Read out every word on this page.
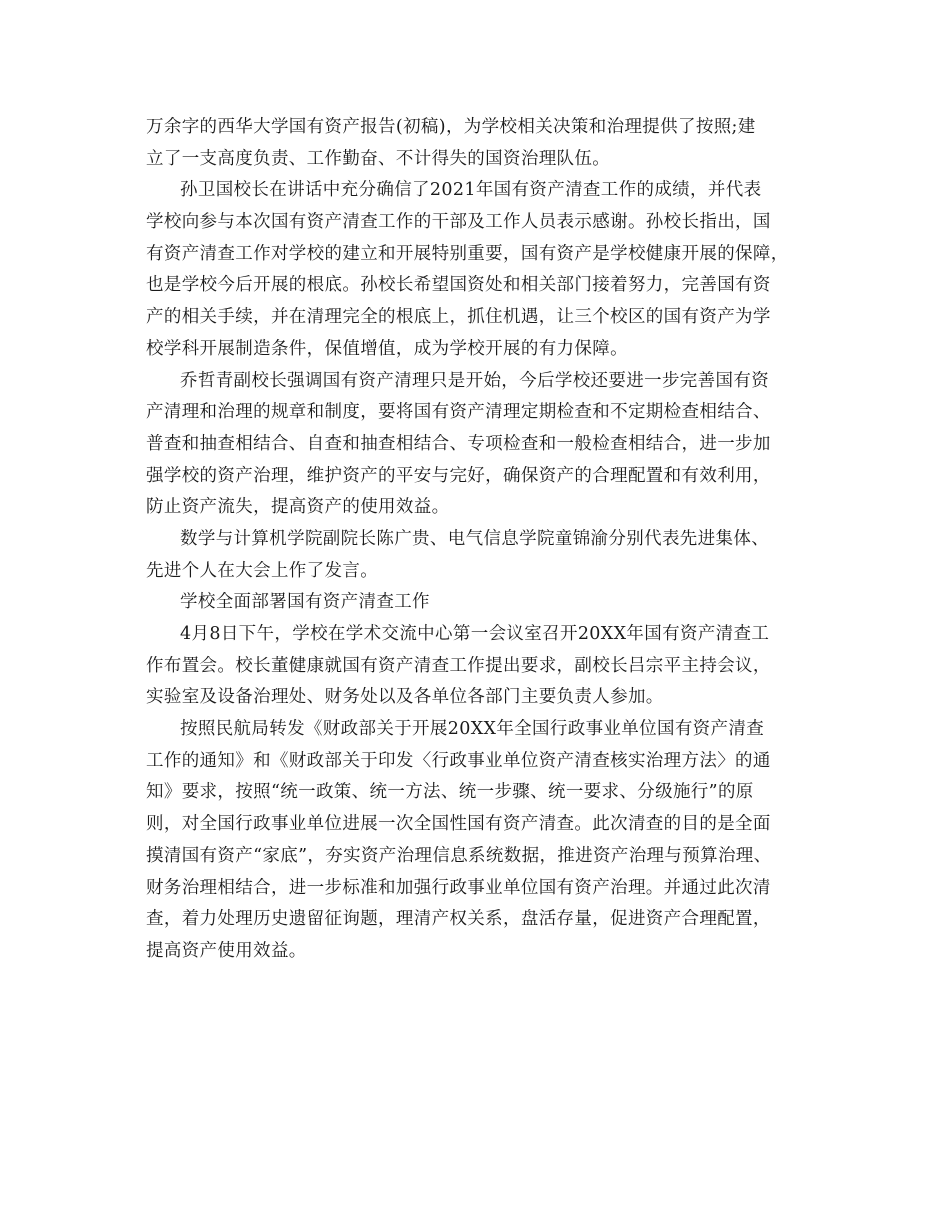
万余字的西华大学国有资产报告(初稿)，为学校相关决策和治理提供了按照;建
立了一支高度负责、工作勤奋、不计得失的国资治理队伍。
孙卫国校长在讲话中充分确信了2021年国有资产清查工作的成绩，并代表
学校向参与本次国有资产清查工作的干部及工作人员表示感谢。孙校长指出，国
有资产清查工作对学校的建立和开展特别重要，国有资产是学校健康开展的保障，
也是学校今后开展的根底。孙校长希望国资处和相关部门接着努力，完善国有资
产的相关手续，并在清理完全的根底上，抓住机遇，让三个校区的国有资产为学
校学科开展制造条件，保值增值，成为学校开展的有力保障。
乔哲青副校长强调国有资产清理只是开始，今后学校还要进一步完善国有资
产清理和治理的规章和制度，要将国有资产清理定期检查和不定期检查相结合、
普查和抽查相结合、自查和抽查相结合、专项检查和一般检查相结合，进一步加
强学校的资产治理，维护资产的平安与完好，确保资产的合理配置和有效利用，
防止资产流失，提高资产的使用效益。
数学与计算机学院副院长陈广贵、电气信息学院童锦渝分别代表先进集体、
先进个人在大会上作了发言。
学校全面部署国有资产清查工作
4月8日下午，学校在学术交流中心第一会议室召开20XX年国有资产清查工
作布置会。校长董健康就国有资产清查工作提出要求，副校长吕宗平主持会议，
实验室及设备治理处、财务处以及各单位各部门主要负责人参加。
按照民航局转发《财政部关于开展20XX年全国行政事业单位国有资产清查
工作的通知》和《财政部关于印发〈行政事业单位资产清查核实治理方法〉的通
知》要求，按照“统一政策、统一方法、统一步骤、统一要求、分级施行”的原
则，对全国行政事业单位进展一次全国性国有资产清查。此次清查的目的是全面
摸清国有资产“家底”，夯实资产治理信息系统数据，推进资产治理与预算治理、
财务治理相结合，进一步标准和加强行政事业单位国有资产治理。并通过此次清
查，着力处理历史遗留征询题，理清产权关系，盘活存量，促进资产合理配置，
提高资产使用效益。
